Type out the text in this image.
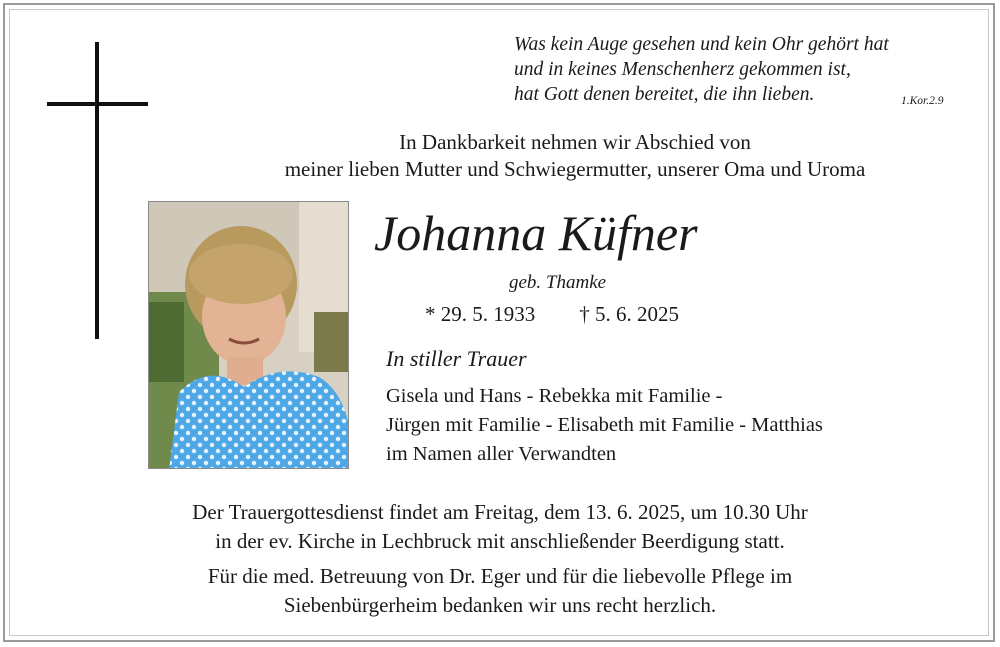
Was kein Auge gesehen und kein Ohr gehört hat
und in keines Menschenherz gekommen ist,
hat Gott denen bereitet, die ihn lieben.	1.Kor.2.9
In Dankbarkeit nehmen wir Abschied von
meiner lieben Mutter und Schwiegermutter, unserer Oma und Uroma
Johanna Küfner
geb. Thamke
* 29. 5. 1933 † 5. 6. 2025
In stiller Trauer
Gisela und Hans - Rebekka mit Familie -
Jürgen mit Familie - Elisabeth mit Familie - Matthias
im Namen aller Verwandten
Der Trauergottesdienst findet am Freitag, dem 13. 6. 2025, um 10.30 Uhr
in der ev. Kirche in Lechbruck mit anschließender Beerdigung statt.
Für die med. Betreuung von Dr. Eger und für die liebevolle Pflege im
Siebenbürgerheim bedanken wir uns recht herzlich.
